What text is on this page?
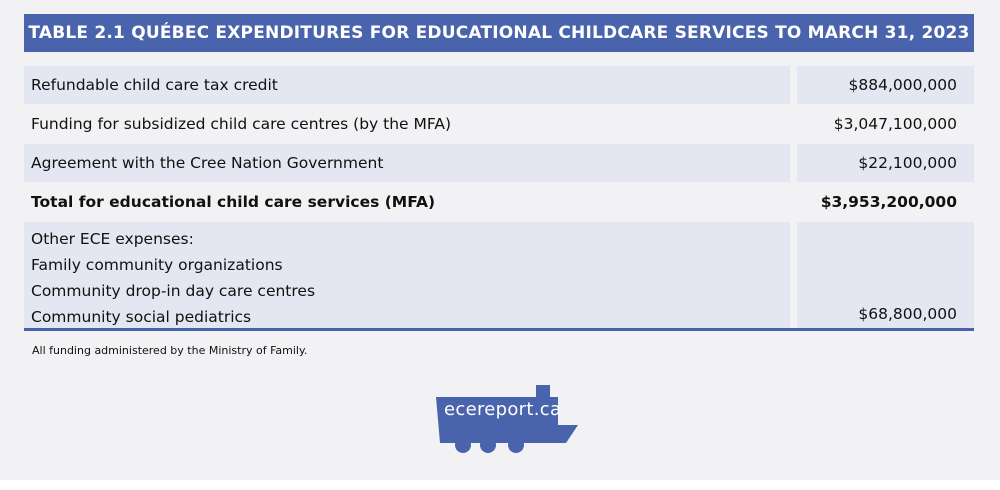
TABLE 2.1 QUÉBEC EXPENDITURES FOR EDUCATIONAL CHILDCARE SERVICES TO MARCH 31, 2023
Refundable child care tax credit	$884,000,000
Funding for subsidized child care centres (by the MFA)	$3,047,100,000
Agreement with the Cree Nation Government	$22,100,000
Total for educational child care services (MFA)	$3,953,200,000
Other ECE expenses:
Family community organizations
Community drop-in day care centres
Community social pediatrics	$68,800,000
All funding administered by the Ministry of Family.
ecereport.ca
